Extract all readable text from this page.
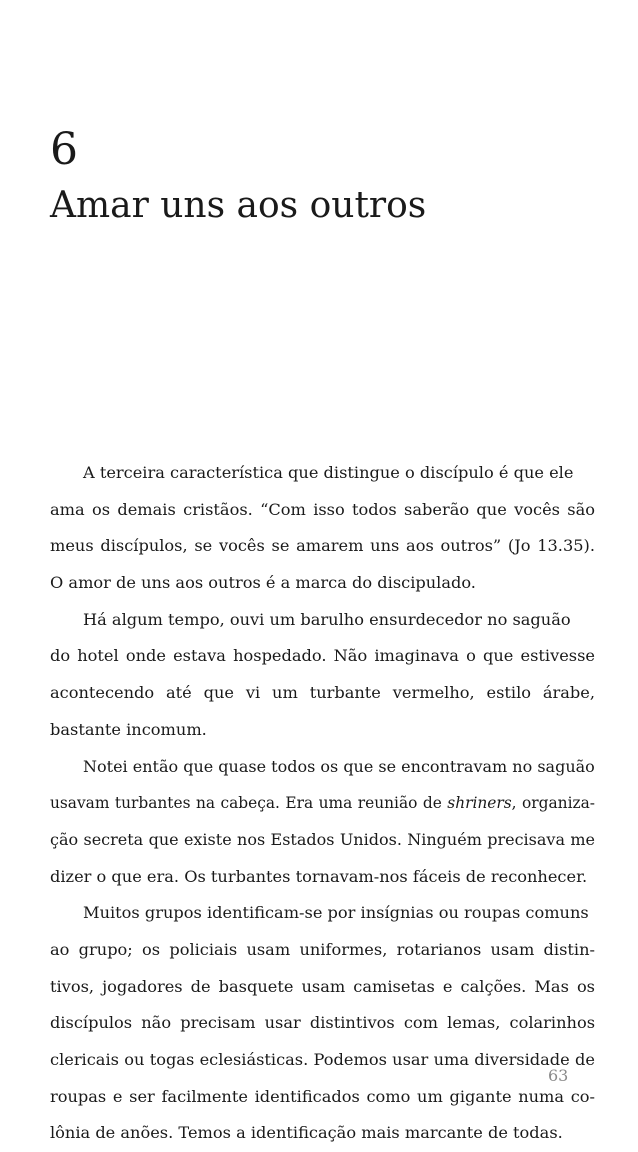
6
Amar uns aos outros
A terceira característica que distingue o discípulo é que ele
ama os demais cristãos. “Com isso todos saberão que vocês são
meus discípulos, se vocês se amarem uns aos outros” (Jo 13.35).
O amor de uns aos outros é a marca do discipulado.
Há algum tempo, ouvi um barulho ensurdecedor no saguão
do hotel onde estava hospedado. Não imaginava o que estivesse
acontecendo até que vi um turbante vermelho, estilo árabe,
bastante incomum.
Notei então que quase todos os que se encontravam no saguão
usavam turbantes na cabeça. Era uma reunião de shriners, organiza-
ção secreta que existe nos Estados Unidos. Ninguém precisava me
dizer o que era. Os turbantes tornavam-nos fáceis de reconhecer.
Muitos grupos identificam-se por insígnias ou roupas comuns
ao grupo; os policiais usam uniformes, rotarianos usam distin-
tivos, jogadores de basquete usam camisetas e calções. Mas os
discípulos não precisam usar distintivos com lemas, colarinhos
clericais ou togas eclesiásticas. Podemos usar uma diversidade de
roupas e ser facilmente identificados como um gigante numa co-
lônia de anões. Temos a identificação mais marcante de todas.
63
